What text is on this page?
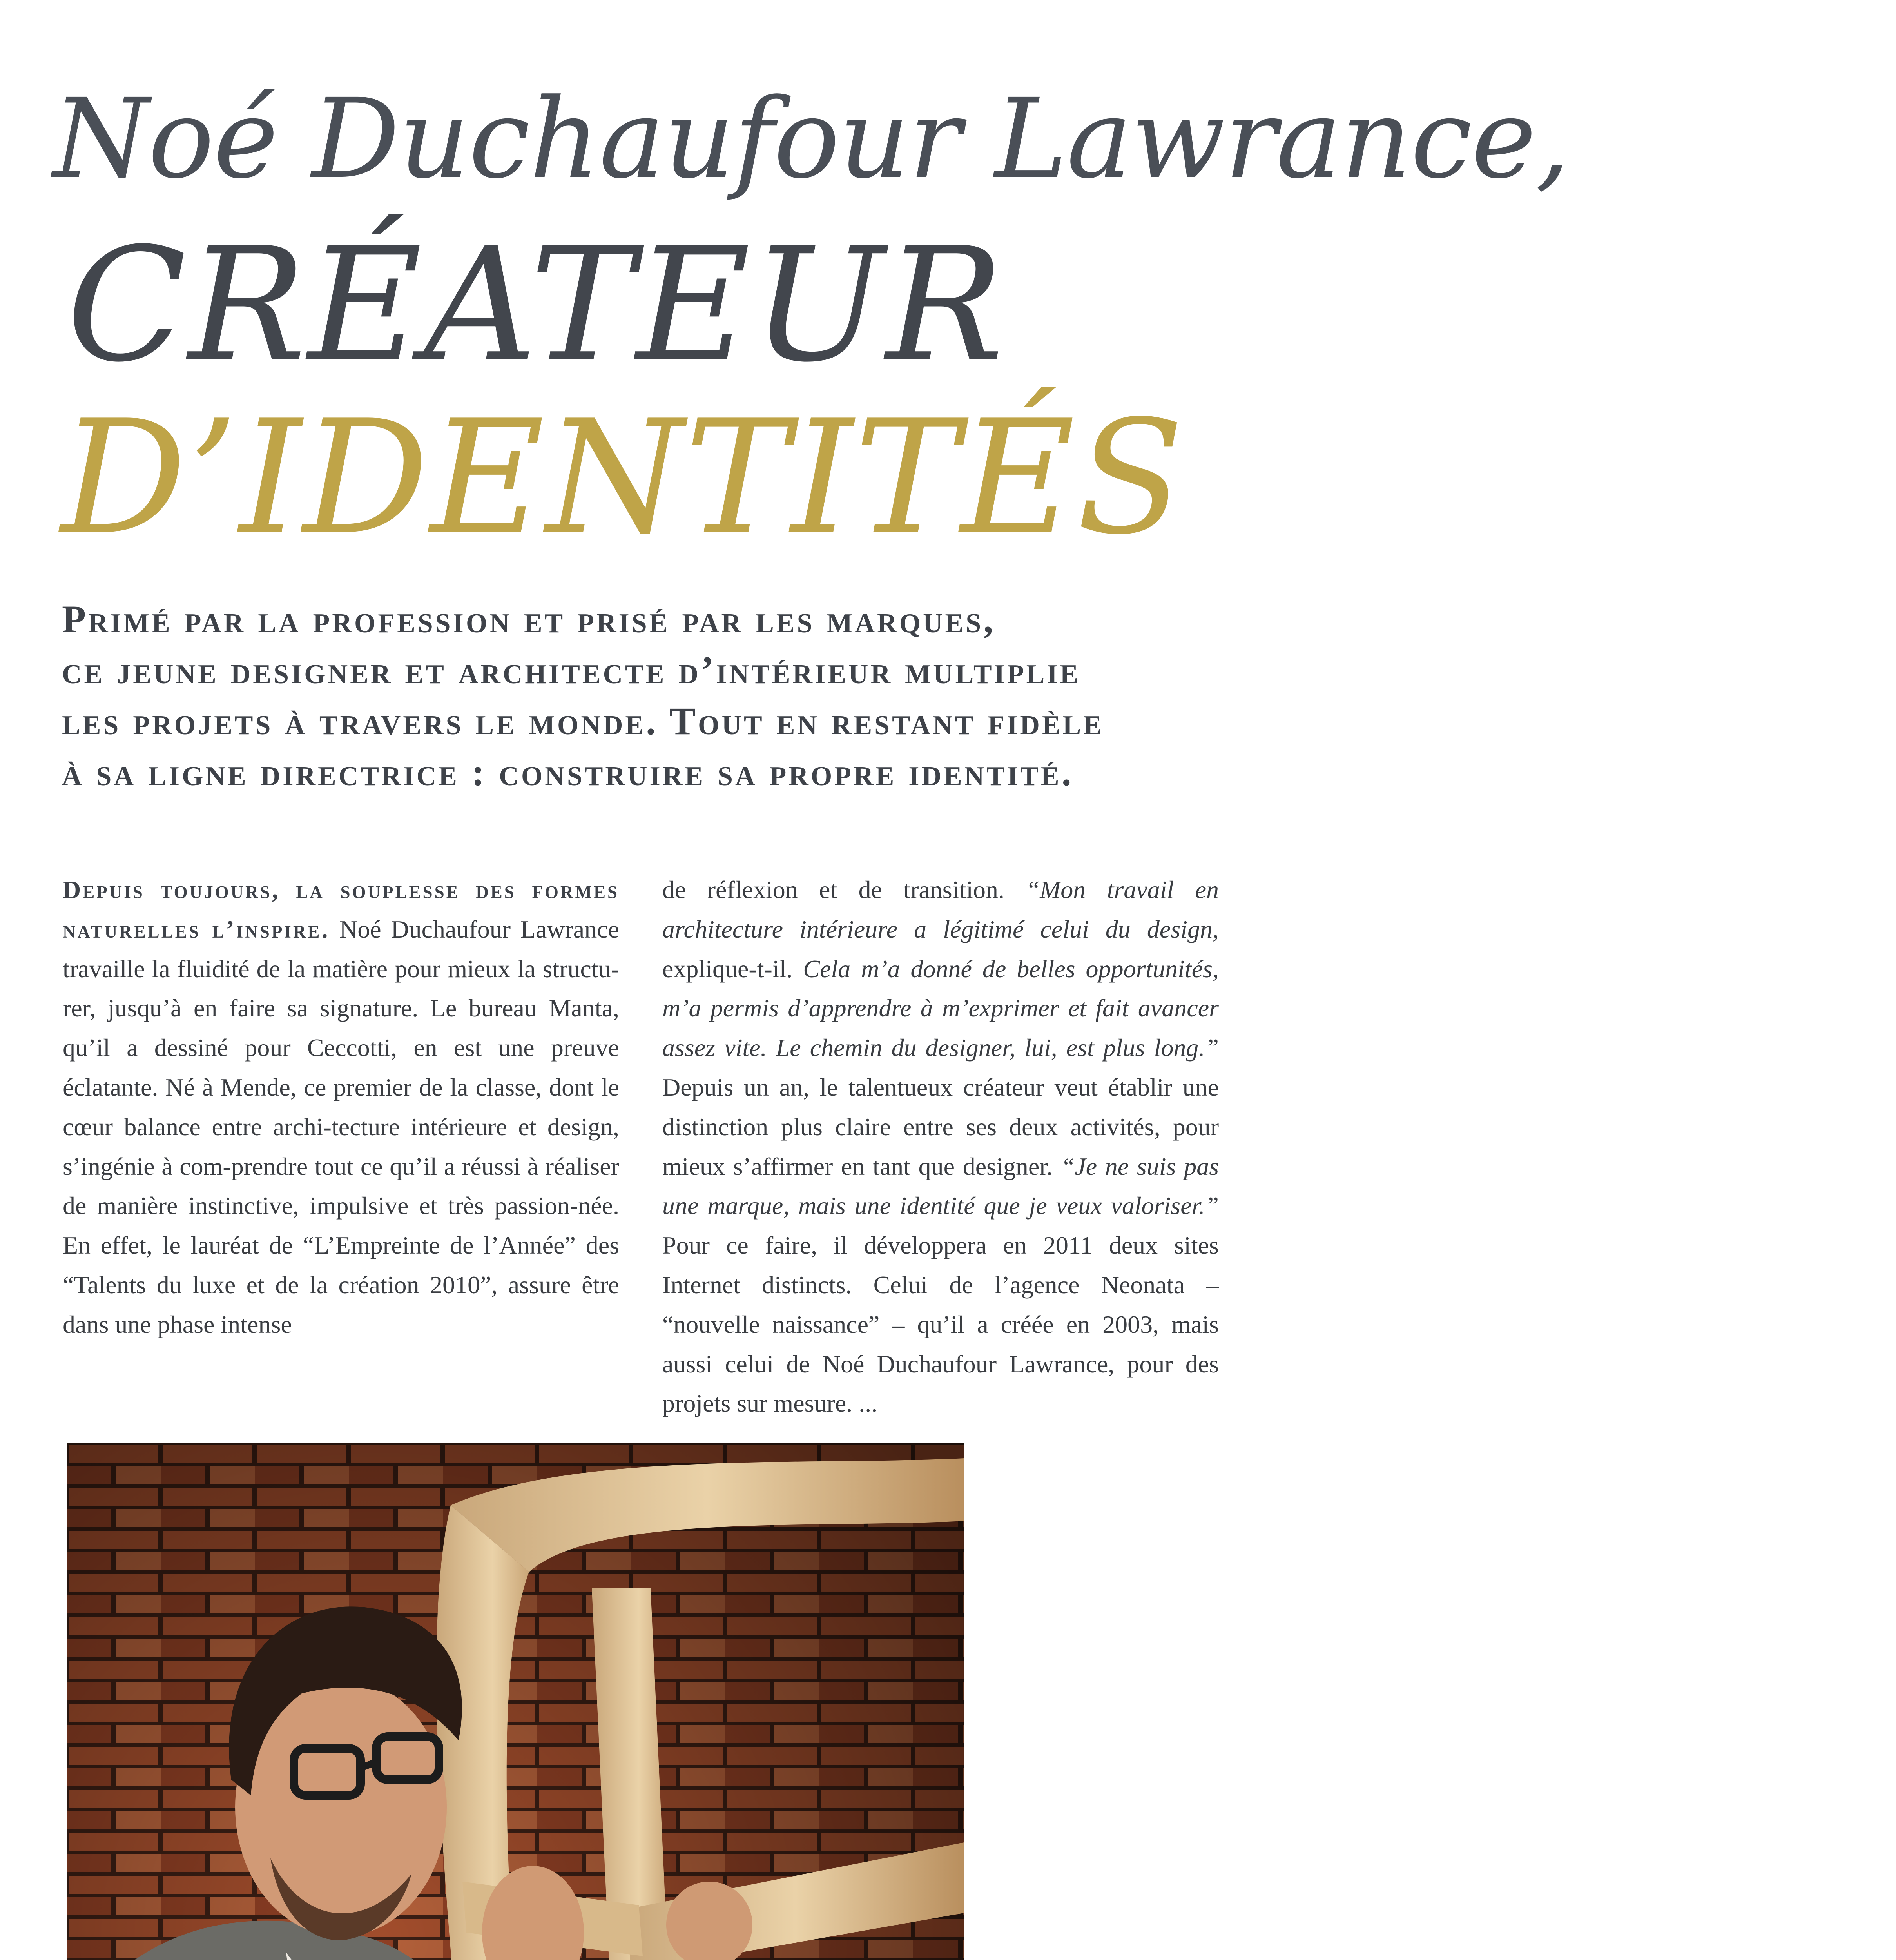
Noé Duchaufour Lawrance,
CRÉATEUR
D’IDENTITÉS
Primé par la profession et prisé par les marques,
ce jeune designer et architecte d’intérieur multiplie
les projets à travers le monde. Tout en restant fidèle
à sa ligne directrice : construire sa propre identité.
Depuis toujours, la souplesse des formes naturelles l’inspire. Noé Duchaufour Lawrance travaille la fluidité de la matière pour mieux la structu-rer, jusqu’à en faire sa signature. Le bureau Manta, qu’il a dessiné pour Ceccotti, en est une preuve éclatante. Né à Mende, ce premier de la classe, dont le cœur balance entre archi-tecture intérieure et design, s’ingénie à com-prendre tout ce qu’il a réussi à réaliser de manière instinctive, impulsive et très passion-née. En effet, le lauréat de “L’Empreinte de l’Année” des “Talents du luxe et de la création 2010”, assure être dans une phase intense
de réflexion et de transition. “Mon travail en architecture intérieure a légitimé celui du design, explique-t-il. Cela m’a donné de belles opportunités, m’a permis d’apprendre à m’exprimer et fait avancer assez vite. Le chemin du designer, lui, est plus long.” Depuis un an, le talentueux créateur veut établir une distinction plus claire entre ses deux activités, pour mieux s’affirmer en tant que designer. “Je ne suis pas une marque, mais une identité que je veux valoriser.” Pour ce faire, il développera en 2011 deux sites Internet distincts. Celui de l’agence Neonata – “nouvelle naissance” – qu’il a créée en 2003, mais aussi celui de Noé Duchaufour Lawrance, pour des projets sur mesure. ...
